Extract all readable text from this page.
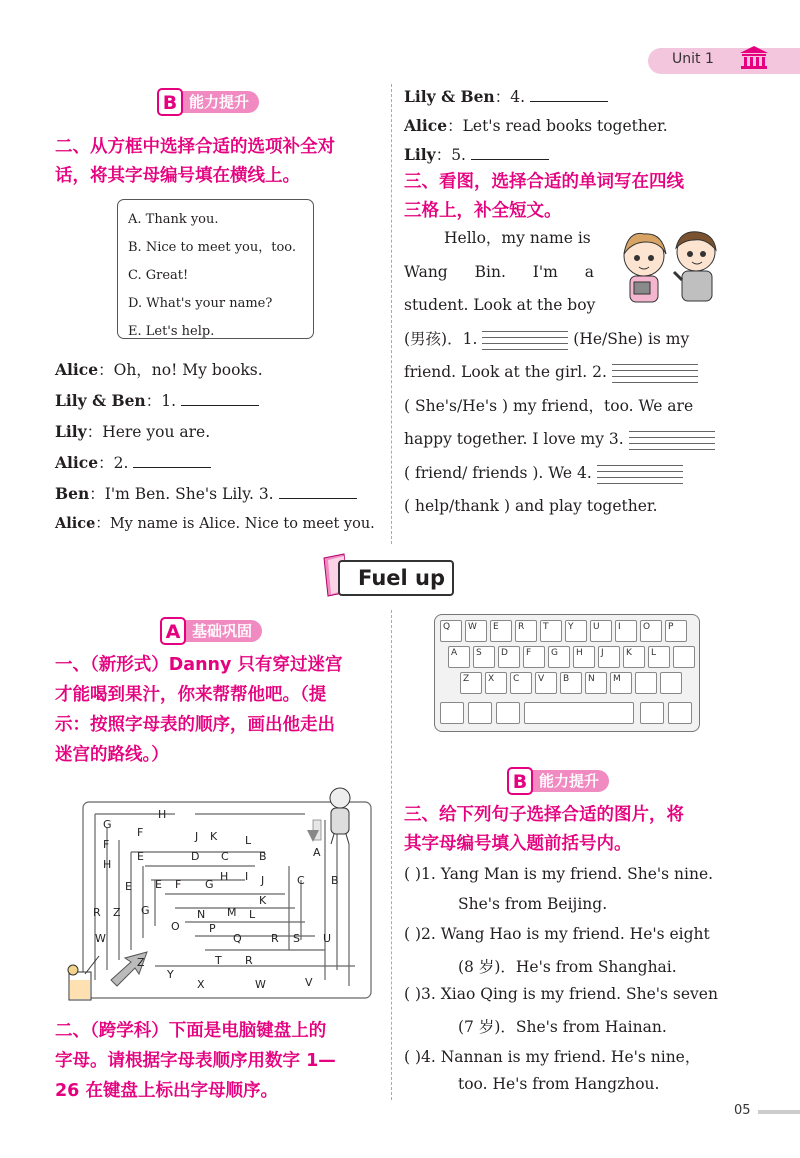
Unit 1
B 能力提升
二、从方框中选择合适的选项补全对
话，将其字母编号填在横线上。
A. Thank you.
B. Nice to meet you，too.
C. Great!
D. What's your name?
E. Let's help.
Alice：Oh，no! My books.
Lily & Ben：1.
Lily：Here you are.
Alice：2.
Ben：I'm Ben. She's Lily. 3.
Alice：My name is Alice. Nice to meet you.
Lily & Ben：4.
Alice：Let's read books together.
Lily：5.
三、看图，选择合适的单词写在四线
三格上，补全短文。
Hello，my name is
Wang Bin. I'm a
student. Look at the boy
(男孩)．1.	(He/She) is my
friend. Look at the girl. 2.
( She's/He's ) my friend，too. We are
happy together. I love my 3.
( friend/ friends ). We 4.
( help/thank ) and play together.
Fuel up
A 基础巩固
一、（新形式）Danny 只有穿过迷宫
才能喝到果汁，你来帮帮他吧。（提
示：按照字母表的顺序，画出他走出
迷宫的路线。）
H
G
F
H
J K	L
F
E	D C	B	A
E	F G
H I J	C B
E
K
R Z G	N M L
O	P
Q	R S U
W
T R
Z
Y
X	W	V
二、（跨学科）下面是电脑键盘上的
字母。请根据字母表顺序用数字 1—
26 在键盘上标出字母顺序。
Q	W	E	R	T	Y	U	I	O	P
A	S	D	F	G	H	J	K	L
Z	X	C	V	B	N	M
B 能力提升
三、给下列句子选择合适的图片，将
其字母编号填入题前括号内。
( )1. Yang Man is my friend. She's nine.
She's from Beijing.
( )2. Wang Hao is my friend. He's eight
(8 岁)．He's from Shanghai.
( )3. Xiao Qing is my friend. She's seven
(7 岁)．She's from Hainan.
( )4. Nannan is my friend. He's nine，
too. He's from Hangzhou.
05
